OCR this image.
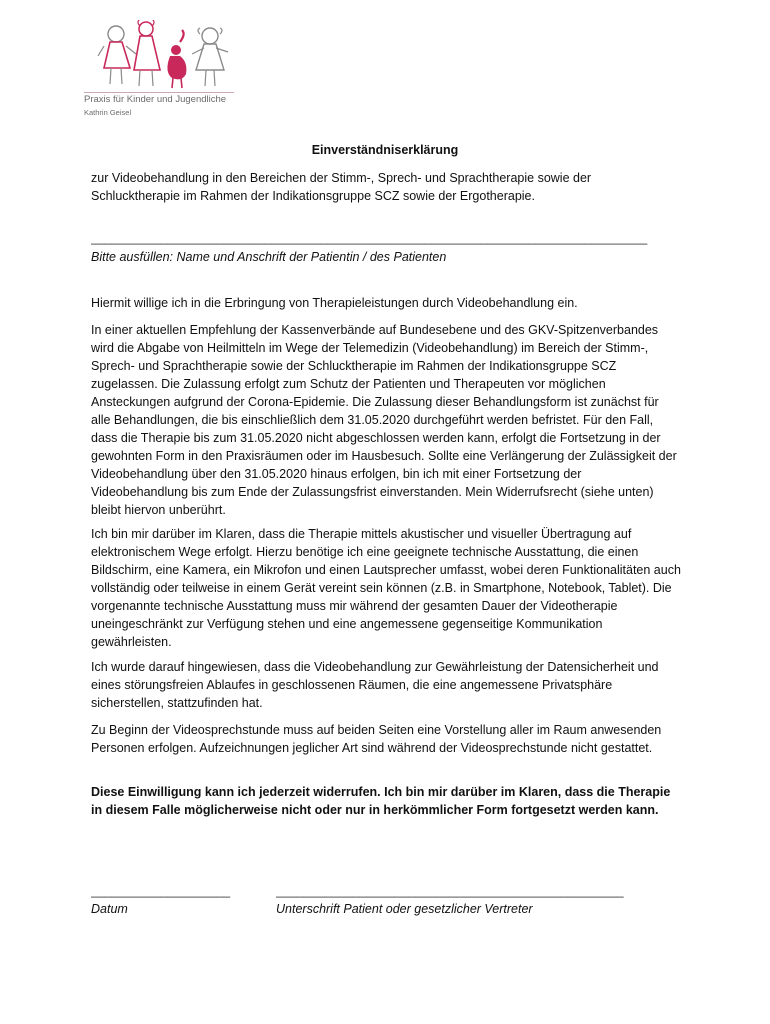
Praxis für Kinder und Jugendliche
Kathrin Geisel
Einverständniserklärung
zur Videobehandlung in den Bereichen der Stimm-, Sprech- und Sprachtherapie sowie der Schlucktherapie im Rahmen der Indikationsgruppe SCZ sowie der Ergotherapie.
________________________________________________________________________________
Bitte ausfüllen: Name und Anschrift der Patientin / des Patienten
Hiermit willige ich in die Erbringung von Therapieleistungen durch Videobehandlung ein.
In einer aktuellen Empfehlung der Kassenverbände auf Bundesebene und des GKV-Spitzenverbandes wird die Abgabe von Heilmitteln im Wege der Telemedizin (Videobehandlung) im Bereich der Stimm-, Sprech- und Sprachtherapie sowie der Schlucktherapie im Rahmen der Indikationsgruppe SCZ zugelassen. Die Zulassung erfolgt zum Schutz der Patienten und Therapeuten vor möglichen Ansteckungen aufgrund der Corona-Epidemie. Die Zulassung dieser Behandlungsform ist zunächst für alle Behandlungen, die bis einschließlich dem 31.05.2020 durchgeführt werden befristet. Für den Fall, dass die Therapie bis zum 31.05.2020 nicht abgeschlossen werden kann, erfolgt die Fortsetzung in der gewohnten Form in den Praxisräumen oder im Hausbesuch. Sollte eine Verlängerung der Zulässigkeit der Videobehandlung über den 31.05.2020 hinaus erfolgen, bin ich mit einer Fortsetzung der Videobehandlung bis zum Ende der Zulassungsfrist einverstanden. Mein Widerrufsrecht (siehe unten) bleibt hiervon unberührt.
Ich bin mir darüber im Klaren, dass die Therapie mittels akustischer und visueller Übertragung auf elektronischem Wege erfolgt. Hierzu benötige ich eine geeignete technische Ausstattung, die einen Bildschirm, eine Kamera, ein Mikrofon und einen Lautsprecher umfasst, wobei deren Funktionalitäten auch vollständig oder teilweise in einem Gerät vereint sein können (z.B. in Smartphone, Notebook, Tablet). Die vorgenannte technische Ausstattung muss mir während der gesamten Dauer der Videotherapie uneingeschränkt zur Verfügung stehen und eine angemessene gegenseitige Kommunikation gewährleisten.
Ich wurde darauf hingewiesen, dass die Videobehandlung zur Gewährleistung der Datensicherheit und eines störungsfreien Ablaufes in geschlossenen Räumen, die eine angemessene Privatsphäre sicherstellen, stattzufinden hat.
Zu Beginn der Videosprechstunde muss auf beiden Seiten eine Vorstellung aller im Raum anwesenden Personen erfolgen. Aufzeichnungen jeglicher Art sind während der Videosprechstunde nicht gestattet.
Diese Einwilligung kann ich jederzeit widerrufen. Ich bin mir darüber im Klaren, dass die Therapie in diesem Falle möglicherweise nicht oder nur in herkömmlicher Form fortgesetzt werden kann.
____________________
Datum
__________________________________________________
Unterschrift Patient oder gesetzlicher Vertreter
